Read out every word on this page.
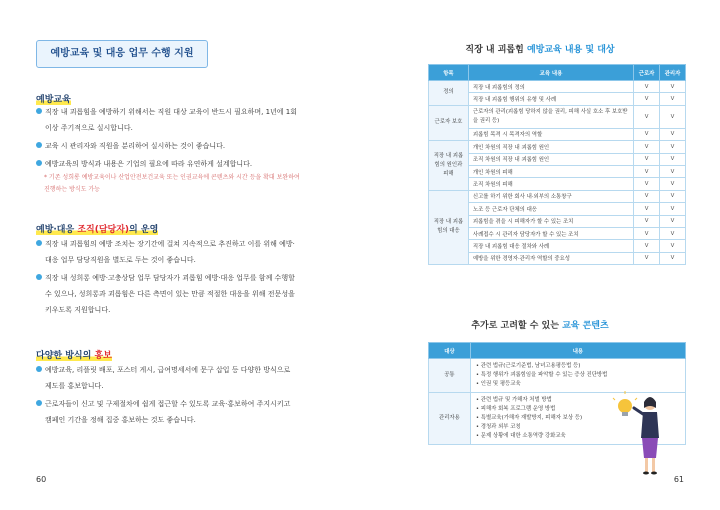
예방교육 및 대응 업무 수행 지원
예방교육
직장 내 괴롭힘을 예방하기 위해서는 직원 대상 교육이 반드시 필요하며, 1년에 1회 이상 주기적으로 실시합니다.
교육 시 관리자와 직원을 분리하여 실시하는 것이 좋습니다.
예방교육의 방식과 내용은 기업의 필요에 따라 유연하게 설계합니다.
* 기존 성희롱 예방교육이나 산업안전보건교육 또는 인권교육에 콘텐츠와 시간 등을 확대 보완하여 진행하는 방식도 가능
예방·대응 조직(담당자)의 운영
직장 내 괴롭힘의 예방 조치는 장기간에 걸쳐 지속적으로 추진하고 이를 위해 예방·대응 업무 담당직원을 별도로 두는 것이 좋습니다.
직장 내 성희롱 예방·고충상담 업무 담당자가 괴롭힘 예방·대응 업무를 함께 수행할 수 있으나, 성희롱과 괴롭힘은 다른 측면이 있는 만큼 적절한 대응을 위해 전문성을 키우도록 지원합니다.
다양한 방식의 홍보
예방교육, 리플릿 배포, 포스터 게시, 급여명세서에 문구 삽입 등 다양한 방식으로 제도를 홍보합니다.
근로자들이 신고 및 구제절차에 쉽게 접근할 수 있도록 교육·홍보하여 주지시키고 캠페인 기간을 정해 집중 홍보하는 것도 좋습니다.
60
직장 내 괴롭힘 예방교육 내용 및 대상
항목	교육 내용	근로자	관리자
정의	직장 내 괴롭힘의 정의	V	V
	직장 내 괴롭힘 행위의 유형 및 사례	V	V
근로자 보호	근로자의 관리(괴롭힘 당하지 않을 권리, 피해 사실 호소 후 보호받을 권리 등)	V	V
	괴롭힘 목격 시 목격자의 역할	V	V
직장 내 괴롭힘의 원인과 피해	개인 차원의 직장 내 괴롭힘 원인	V	V
	조직 차원의 직장 내 괴롭힘 원인	V	V
	개인 차원의 피해	V	V
	조직 차원의 피해	V	V
직장 내 괴롭힘의 대응	신고를 하기 위한 회사 내·외부의 소통창구	V	V
	노조 등 근로자 단체의 대응	V	V
	괴롭힘을 겪을 시 피해자가 할 수 있는 조치	V	V
	사례접수 시 관리자 담당자가 할 수 있는 조치	V	V
	직장 내 괴롭힘 대응 절차와 사례	V	V
	예방을 위한 경영자·관리자 역할의 중요성	V	V
추가로 고려할 수 있는 교육 콘텐츠
대상	내용
공통	• 관련 법규(근로기준법, 남녀고용평등법 등)
• 특정 행위가 괴롭힘임을 파악할 수 있는 증상 진단방법
• 인권 및 평등교육

관리자용	• 관련 법규 및 가해자 처벌 방법
• 피해자 회복 프로그램 운영 방법
• 특별교육(가해자 재발방지, 피해자 보상 등)
• 경청과 외부 코칭
• 문제 상황에 대한 소통역량 강화교육
61
